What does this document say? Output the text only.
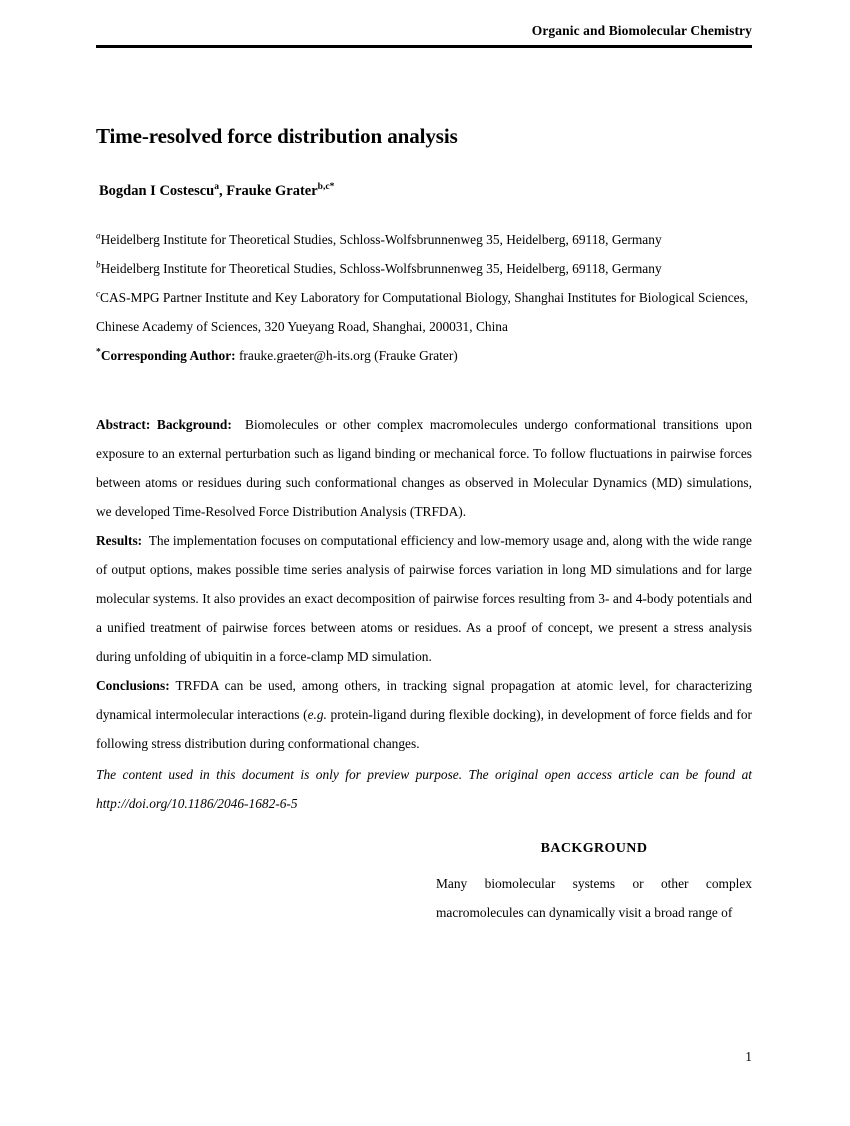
Organic and Biomolecular Chemistry
Time-resolved force distribution analysis
Bogdan I Costescu$^a$, Frauke Grater$^{b,c*}$

$^a$Heidelberg Institute for Theoretical Studies, Schloss-Wolfsbrunnenweg 35, Heidelberg, 69118, Germany

$^b$Heidelberg Institute for Theoretical Studies, Schloss-Wolfsbrunnenweg 35, Heidelberg, 69118, Germany

$^c$CAS-MPG Partner Institute and Key Laboratory for Computational Biology, Shanghai Institutes for Biological Sciences, Chinese Academy of Sciences, 320 Yueyang Road, Shanghai, 200031, China

*Corresponding Author: frauke.graeter@h-its.org (Frauke Grater)

Abstract: Background: Biomolecules or other complex macromolecules undergo conformational transitions upon exposure to an external perturbation such as ligand binding or mechanical force. To follow fluctuations in pairwise forces between atoms or residues during such conformational changes as observed in Molecular Dynamics (MD) simulations, we developed Time-Resolved Force Distribution Analysis (TRFDA).

Results: The implementation focuses on computational efficiency and low-memory usage and, along with the wide range of output options, makes possible time series analysis of pairwise forces variation in long MD simulations and for large molecular systems. It also provides an exact decomposition of pairwise forces resulting from 3- and 4-body potentials and a unified treatment of pairwise forces between atoms or residues. As a proof of concept, we present a stress analysis during unfolding of ubiquitin in a force-clamp MD simulation.

Conclusions: TRFDA can be used, among others, in tracking signal propagation at atomic level, for characterizing dynamical intermolecular interactions (e.g. protein-ligand during flexible docking), in development of force fields and for following stress distribution during conformational changes.

The content used in this document is only for preview purpose. The original open access article can be found at http://doi.org/10.1186/2046-1682-6-5

BACKGROUND

Many biomolecular systems or other complex macromolecules can dynamically visit a broad range of

1
